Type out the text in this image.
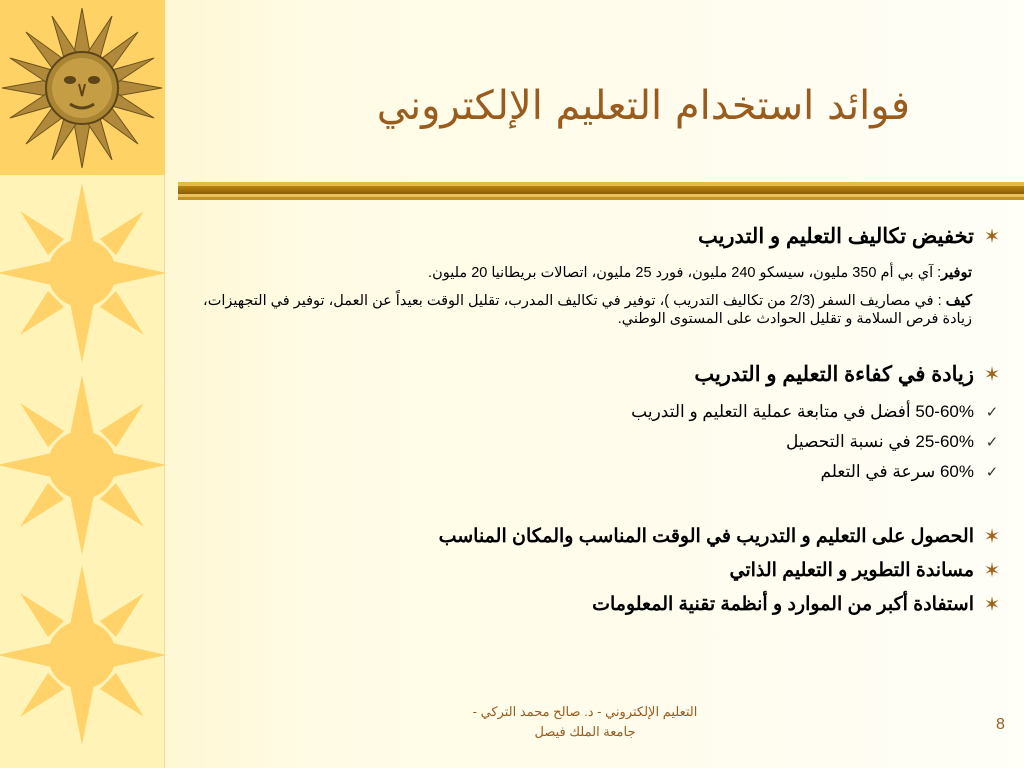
فوائد استخدام التعليم الإلكتروني
✶
تخفيض تكاليف التعليم و التدريب
توفير: آي بي أم 350 مليون، سيسكو 240 مليون، فورد 25 مليون، اتصالات بريطانيا 20 مليون.
كيف : في مصاريف السفر (2/3 من تكاليف التدريب )، توفير في تكاليف المدرب، تقليل الوقت بعيداً عن العمل، توفير في التجهيزات، زيادة فرص السلامة و تقليل الحوادث على المستوى الوطني.
✶
زيادة في كفاءة التعليم و التدريب
✓
50-60% أفضل في متابعة عملية التعليم و التدريب
✓
25-60% في نسبة التحصيل
✓
60% سرعة في التعلم
✶
الحصول على التعليم و التدريب في الوقت المناسب والمكان المناسب
✶
مساندة التطوير و التعليم الذاتي
✶
استفادة أكبر من الموارد و أنظمة تقنية المعلومات
التعليم الإلكتروني - د. صالح محمد التركي -
جامعة الملك فيصل	8
